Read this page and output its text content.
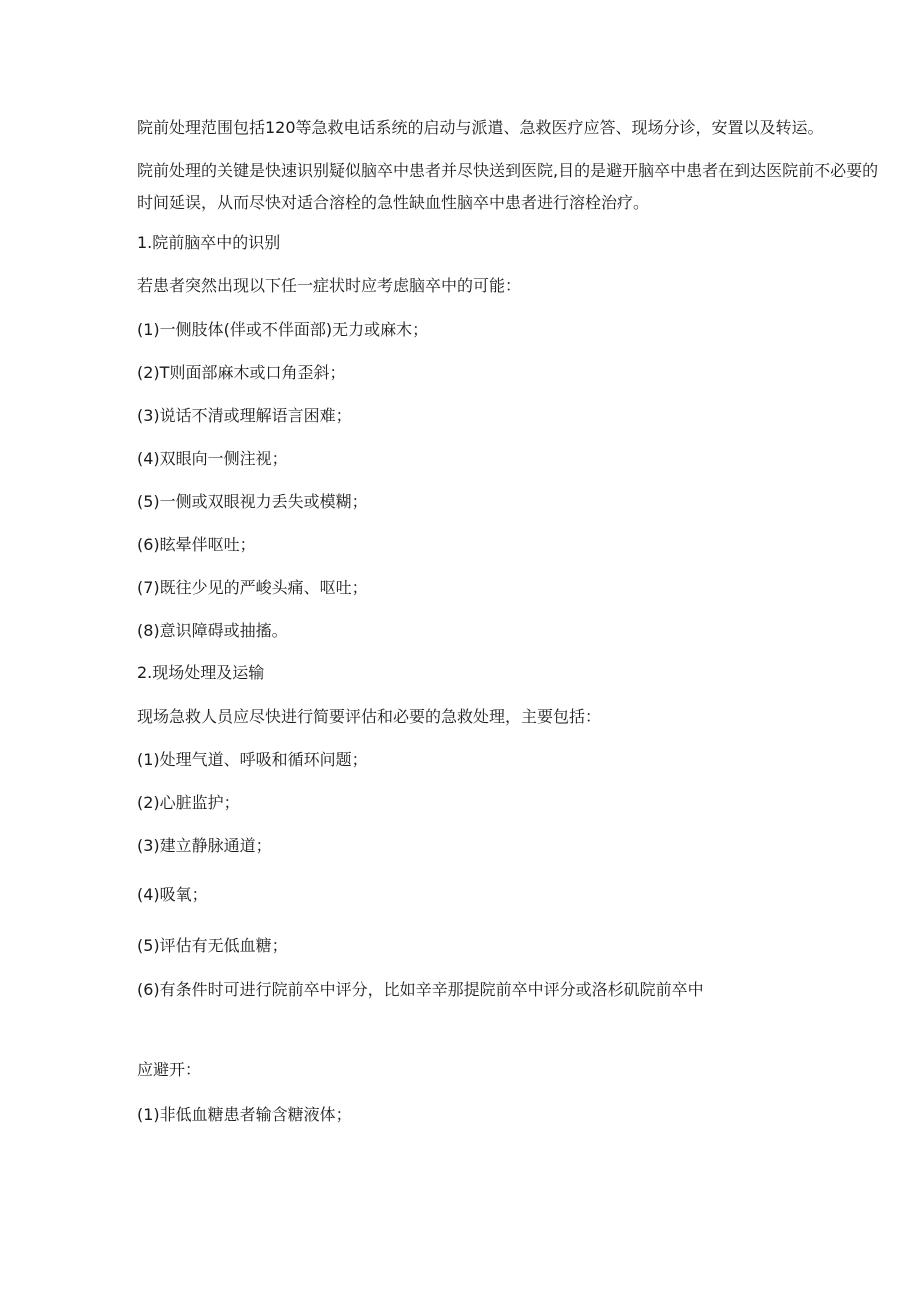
院前处理范围包括120等急救电话系统的启动与派遣、急救医疗应答、现场分诊，安置以及转运。
院前处理的关键是快速识别疑似脑卒中患者并尽快送到医院,目的是避开脑卒中患者在到达医院前不必要的时间延误，从而尽快对适合溶栓的急性缺血性脑卒中患者进行溶栓治疗。
1.院前脑卒中的识别
若患者突然出现以下任一症状时应考虑脑卒中的可能：
(1)一侧肢体(伴或不伴面部)无力或麻木；
(2)T则面部麻木或口角歪斜；
(3)说话不清或理解语言困难；
(4)双眼向一侧注视；
(5)一侧或双眼视力丢失或模糊；
(6)眩晕伴呕吐；
(7)既往少见的严峻头痛、呕吐；
(8)意识障碍或抽搐。
2.现场处理及运输
现场急救人员应尽快进行简要评估和必要的急救处理，主要包括：
(1)处理气道、呼吸和循环问题；
(2)心脏监护；
(3)建立静脉通道；
(4)吸氧；
(5)评估有无低血糖；
(6)有条件时可进行院前卒中评分，比如辛辛那提院前卒中评分或洛杉矶院前卒中
应避开：
(1)非低血糖患者输含糖液体；
